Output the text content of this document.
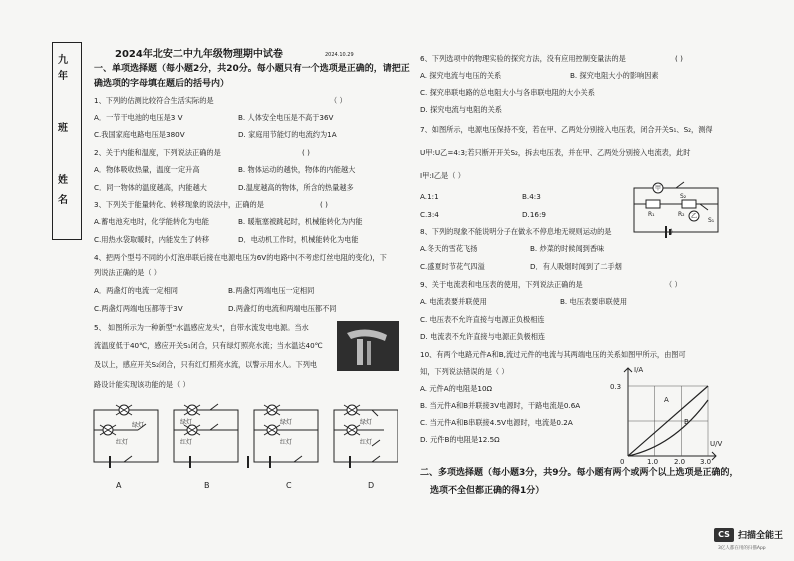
九
年
班
姓
名
2024年北安二中九年级物理期中试卷	2024.10.29
一、单项选择题（每小题2分，共20分。每小题只有一个选项是正确的，请把正
确选项的字母填在题后的括号内）
1、下列的估测比较符合生活实际的是	（ ）
A．一节干电池的电压是3 V	B. 人体安全电压是不高于36V
C.我国家庭电路电压是380V	D. 家庭用节能灯的电流约为1A
2、关于内能和温度，下列说法正确的是	( )
A．物体吸收热量，温度一定升高	B. 物体运动的越快，物体的内能越大
C．同一物体的温度越高，内能越大	D.温度越高的物体，所含的热量越多
3、下列关于能量转化、转移现象的说法中，正确的是	( )
A.蓄电池充电时，化学能转化为电能	B. 暖瓶塞被跳起时，机械能转化为内能
C.用热水袋取暖时，内能发生了转移	D．电动机工作时，机械能转化为电能
4、把两个型号不同的小灯泡串联后接在电源电压为6V的电路中(不考虑灯丝电阻的变化)，下
列说法正确的是（ ）
A．两盏灯的电流一定相同	B.两盏灯两端电压一定相同
C.两盏灯两端电压都等于3V	D.两盏灯的电流和两端电压都不同
5、 如图所示为一种新型"水温感应龙头"，自带水流发电电源。当水
流温度低于40℃，感应开关S₁闭合，只有绿灯照亮水流；当水温达40℃
及以上，感应开关S₂闭合，只有红灯照亮水流，以警示用水人。下列电
路设计能实现该功能的是（ ）
绿灯
红灯
绿灯
红灯
绿灯
红灯
绿灯
红灯
A	B	C	D
6、下列选项中的物理实验的探究方法，没有应用控制变量法的是	( )
A. 探究电流与电压的关系	B. 探究电阻大小的影响因素
C. 探究串联电路的总电阻大小与各串联电阻的大小关系
D. 探究电流与电阻的关系
7、如图所示，电源电压保持不变，若在甲、乙两处分别接入电压表，闭合开关S₁、S₂，测得
U甲:U乙=4:3;若只断开开关S₂，拆去电压表，并在甲、乙两处分别接入电流表，此时
I甲:I乙是（ ）
A.1:1	B.4:3
C.3:4	D.16:9
8、下列的现象不能说明分子在做永不停息地无规则运动的是	( )
A.冬天的雪花飞扬	B. 炒菜的时候闻到香味
C.盛夏时节花气四溢	D．有人吸烟时闻到了二手烟
9、关于电流表和电压表的使用，下列说法正确的是	（ ）
A. 电流表要并联使用	B. 电压表要串联使用
C. 电压表不允许直接与电源正负极相连
D. 电流表不允许直接与电源正负极相连
10、有两个电路元件A和B,流过元件的电流与其两端电压的关系如图甲所示，由图可
知，下列说法错误的是（ ）
A. 元件A的电阻是10Ω
B. 当元件A和B并联接3V电源时，干路电流是0.6A
C. 当元件A和B串联接4.5V电源时，电流是0.2A
D. 元件B的电阻是12.5Ω
二、多项选择题（每小题3分，共9分。每小题有两个或两个以上选项是正确的，
选项不全但都正确的得1分）
甲
乙
R₁	R₂
S₁
S₂
I/A
U/V
0.3
0	1.0 2.0 3.0
A
B
CS 扫描全能王
3亿人都在用的扫描App
